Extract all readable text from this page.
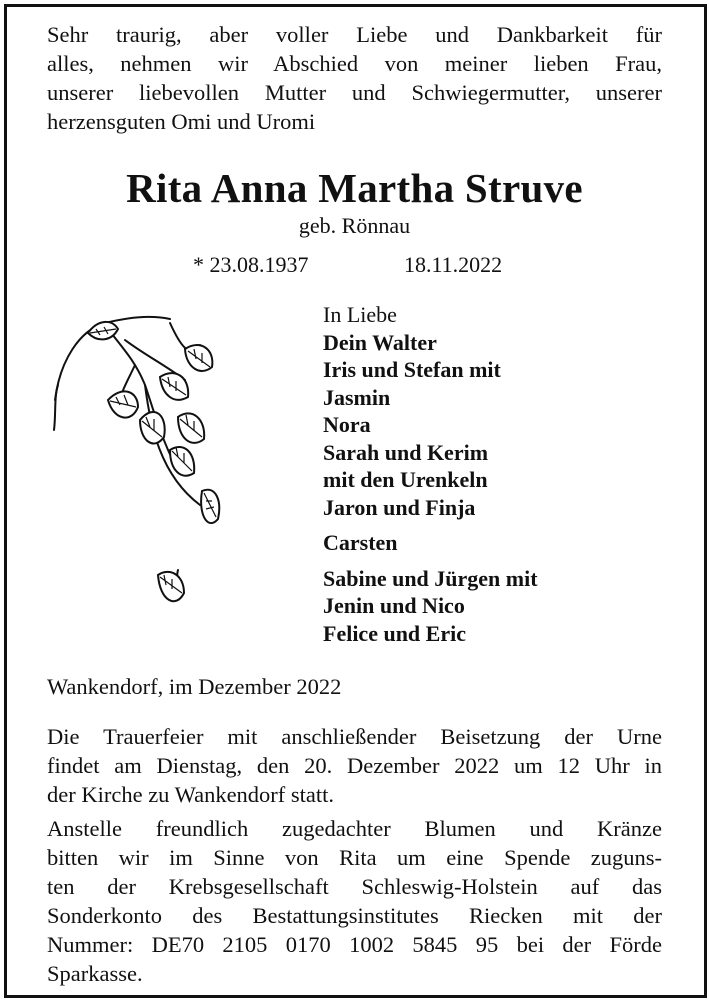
Sehr traurig, aber voller Liebe und Dankbarkeit für
alles, nehmen wir Abschied von meiner lieben Frau,
unserer liebevollen Mutter und Schwiegermutter, unserer
herzensguten Omi und Uromi
Rita Anna Martha Struve
geb. Rönnau
* 23.08.1937	18.11.2022
In Liebe
Dein Walter
Iris und Stefan mit
Jasmin
Nora
Sarah und Kerim
mit den Urenkeln
Jaron und Finja
Carsten
Sabine und Jürgen mit
Jenin und Nico
Felice und Eric
Wankendorf, im Dezember 2022
Die Trauerfeier mit anschließender Beisetzung der Urne
findet am Dienstag, den 20. Dezember 2022 um 12 Uhr in
der Kirche zu Wankendorf statt.
Anstelle freundlich zugedachter Blumen und Kränze
bitten wir im Sinne von Rita um eine Spende zuguns-
ten der Krebsgesellschaft Schleswig-Holstein auf das
Sonderkonto des Bestattungsinstitutes Riecken mit der
Nummer: DE70 2105 0170 1002 5845 95 bei der Förde
Sparkasse.
